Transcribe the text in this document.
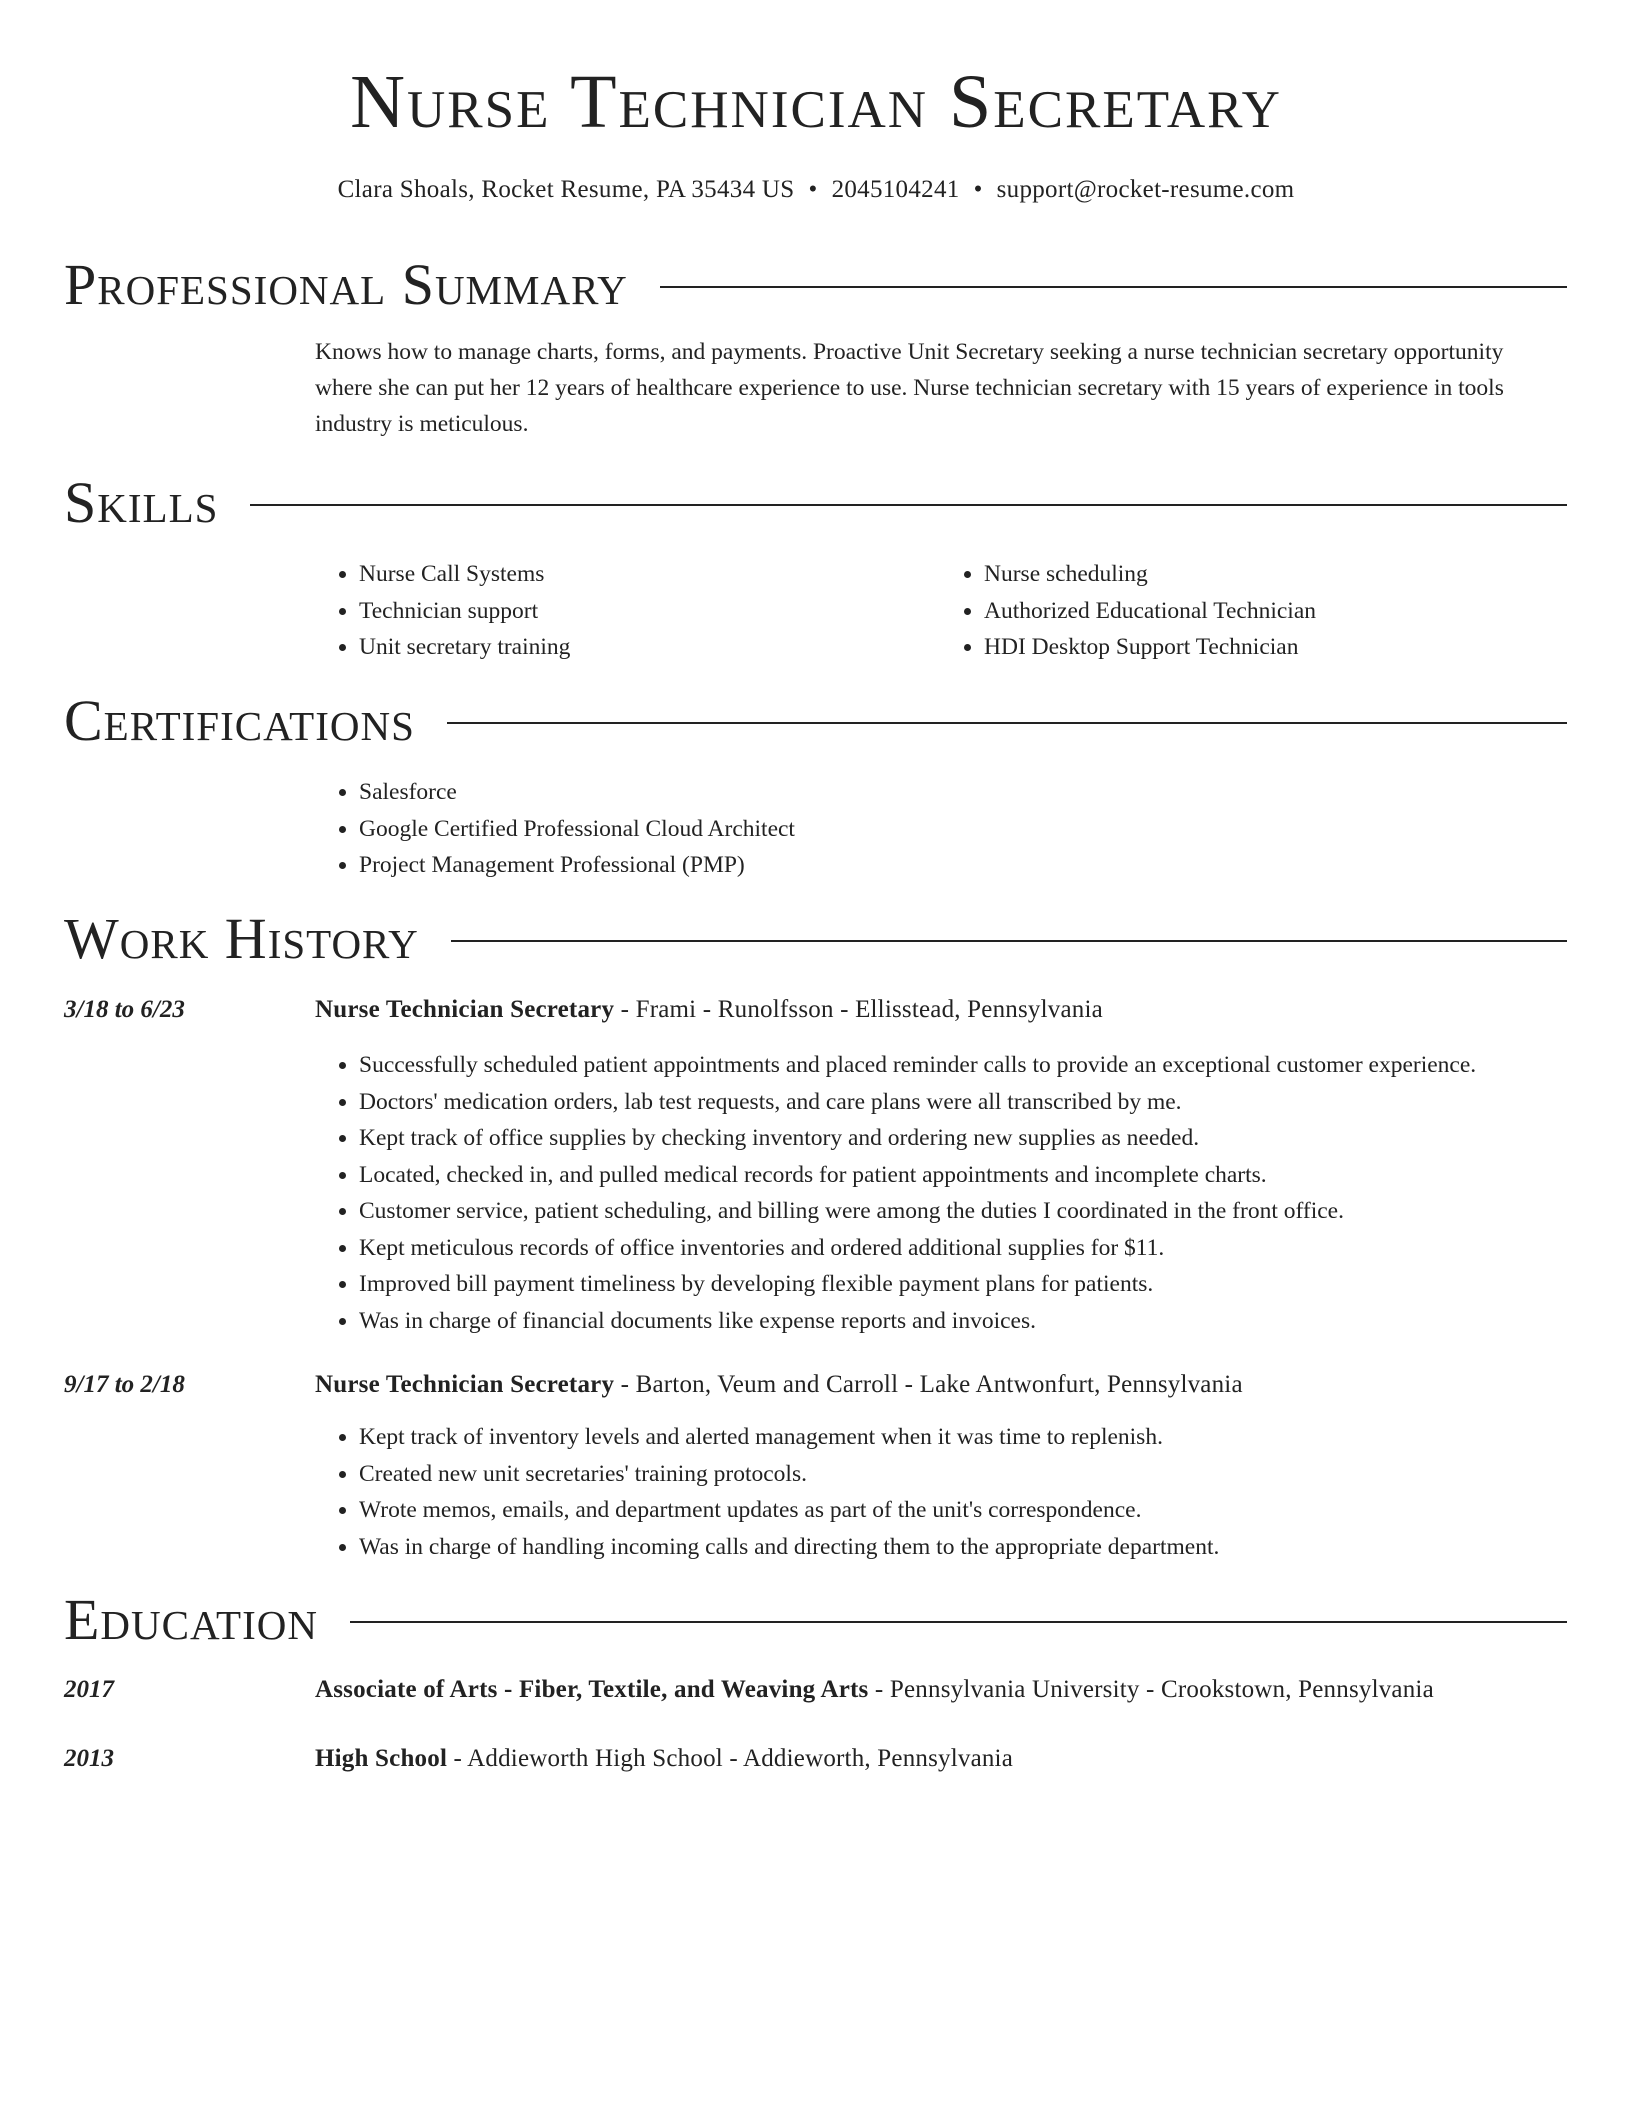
Nurse Technician Secretary
Clara Shoals, Rocket Resume, PA 35434 US • 2045104241 • support@rocket-resume.com
Professional Summary
Knows how to manage charts, forms, and payments. Proactive Unit Secretary seeking a nurse technician secretary opportunity where she can put her 12 years of healthcare experience to use. Nurse technician secretary with 15 years of experience in tools industry is meticulous.
Skills
• Nurse Call Systems
• Technician support
• Unit secretary training
• Nurse scheduling
• Authorized Educational Technician
• HDI Desktop Support Technician
Certifications
• Salesforce
• Google Certified Professional Cloud Architect
• Project Management Professional (PMP)
Work History
3/18 to 6/23	Nurse Technician Secretary - Frami - Runolfsson - Ellisstead, Pennsylvania
• Successfully scheduled patient appointments and placed reminder calls to provide an exceptional customer experience.
• Doctors' medication orders, lab test requests, and care plans were all transcribed by me.
• Kept track of office supplies by checking inventory and ordering new supplies as needed.
• Located, checked in, and pulled medical records for patient appointments and incomplete charts.
• Customer service, patient scheduling, and billing were among the duties I coordinated in the front office.
• Kept meticulous records of office inventories and ordered additional supplies for $11.
• Improved bill payment timeliness by developing flexible payment plans for patients.
• Was in charge of financial documents like expense reports and invoices.
9/17 to 2/18	Nurse Technician Secretary - Barton, Veum and Carroll - Lake Antwonfurt, Pennsylvania
• Kept track of inventory levels and alerted management when it was time to replenish.
• Created new unit secretaries' training protocols.
• Wrote memos, emails, and department updates as part of the unit's correspondence.
• Was in charge of handling incoming calls and directing them to the appropriate department.
Education
2017	Associate of Arts - Fiber, Textile, and Weaving Arts - Pennsylvania University - Crookstown, Pennsylvania
2013	High School - Addieworth High School - Addieworth, Pennsylvania
